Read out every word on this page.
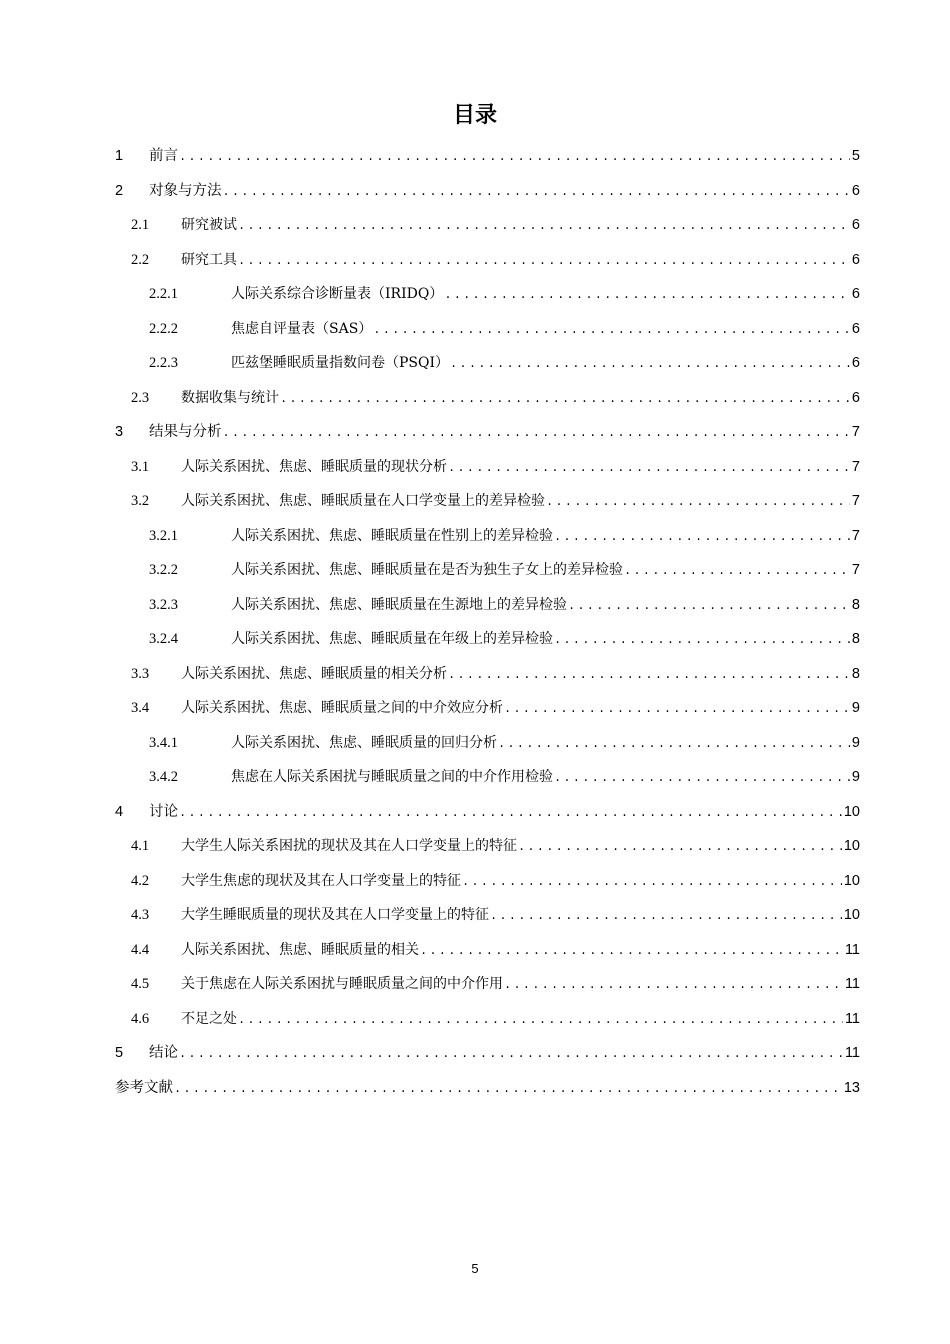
目录
1	前言 .....	5
2	对象与方法 .....	6
2.1	研究被试 .....	6
2.2	研究工具 .....	6
2.2.1	人际关系综合诊断量表（IRIDQ） .....	6
2.2.2	焦虑自评量表（SAS） .....	6
2.2.3	匹兹堡睡眠质量指数问卷（PSQI） .....	6
2.3	数据收集与统计 .....	6
3	结果与分析 .....	7
3.1	人际关系困扰、焦虑、睡眠质量的现状分析 .....	7
3.2	人际关系困扰、焦虑、睡眠质量在人口学变量上的差异检验 .....	7
3.2.1	人际关系困扰、焦虑、睡眠质量在性别上的差异检验 .....	7
3.2.2	人际关系困扰、焦虑、睡眠质量在是否为独生子女上的差异检验 .....	7
3.2.3	人际关系困扰、焦虑、睡眠质量在生源地上的差异检验 .....	8
3.2.4	人际关系困扰、焦虑、睡眠质量在年级上的差异检验 .....	8
3.3	人际关系困扰、焦虑、睡眠质量的相关分析 .....	8
3.4	人际关系困扰、焦虑、睡眠质量之间的中介效应分析 .....	9
3.4.1	人际关系困扰、焦虑、睡眠质量的回归分析 .....	9
3.4.2	焦虑在人际关系困扰与睡眠质量之间的中介作用检验 .....	9
4	讨论 .....	10
4.1	大学生人际关系困扰的现状及其在人口学变量上的特征 .....	10
4.2	大学生焦虑的现状及其在人口学变量上的特征 .....	10
4.3	大学生睡眠质量的现状及其在人口学变量上的特征 .....	10
4.4	人际关系困扰、焦虑、睡眠质量的相关 .....	11
4.5	关于焦虑在人际关系困扰与睡眠质量之间的中介作用 .....	11
4.6	不足之处 .....	11
5	结论 .....	11
参考文献 .....	13
5
